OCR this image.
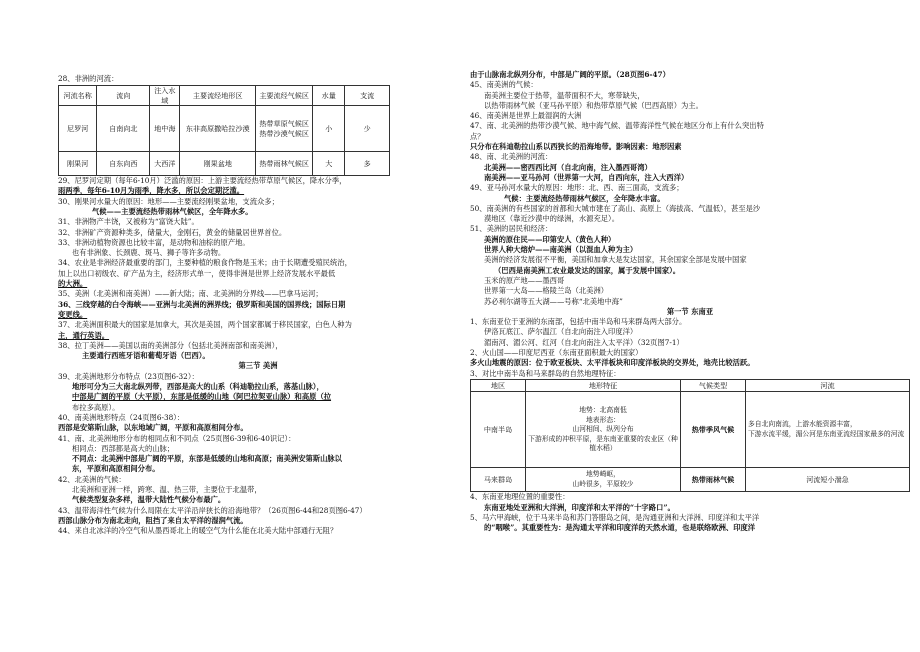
28、非洲的河流：
河流名称	流向	注入水域	主要流经地形区	主要流经气候区	水量	支流
尼罗河	自南向北	地中海	东非高原撒哈拉沙漠	热带草原气候区热带沙漠气候区	小	少
刚果河	自东向西	大西洋	刚果盆地	热带雨林气候区	大	多
29、尼罗河定期（每年6-10月）泛滥的原因：上游主要流经热带草原气候区，降水分季，
雨两季，每年6-10月为雨季，降水多，所以会定期泛滥。
30、刚果河水量大的原因：地形——主要流经刚果盆地，支流众多；
气候——主要流经热带雨林气候区，全年降水多。
31、非洲物产丰饶，又被称为“富饶大陆”。
32、非洲矿产资源种类多，储量大，金刚石，黄金的储量居世界首位。
33、非洲动植物资源也比较丰富，是动物和油棕的原产地。
也有非洲象、长颈鹿、斑马、狮子等许多动物。
34、农业是非洲经济最重要的部门，主要种植的粮食作物是玉米；由于长期遭受殖民统治，
加上以出口初级农、矿产品为主，经济形式单一，使得非洲是世界上经济发展水平最低
的大洲。
35、美洲（北美洲和南美洲）——新大陆；南、北美洲的分界线——巴拿马运河；
36、三线穿越的白令海峡——亚洲与北美洲的洲界线；俄罗斯和美国的国界线；国际日期
变更线。
37、北美洲面积最大的国家是加拿大，其次是美国，两个国家都属于移民国家，白色人种为
主，通行英语。
38、拉丁美洲——美国以南的美洲部分（包括北美洲南部和南美洲），
主要通行西班牙语和葡萄牙语（巴西）。
第三节 美洲
39、北美洲地形分布特点（23页图6-32）：
地形可分为三大南北纵列带，西部是高大的山系（科迪勒拉山系，落基山脉），
中部是广阔的平原（大平原），东部是低缓的山地（阿巴拉契亚山脉）和高原（拉
布拉多高原）。
40、南美洲地形特点（24页图6-38）：
西部是安第斯山脉，以东地域广阔，平原和高原相间分布。
41、南、北美洲地形分布的相同点和不同点（25页图6-39和6-40识记）：
相同点：西部都是高大的山脉；
不同点：北美洲中部是广阔的平原，东部是低缓的山地和高原；南美洲安第斯山脉以
东，平原和高原相间分布。
42、北美洲的气候：
北美洲和亚洲一样，跨寒、温、热三带，主要位于北温带，
气候类型复杂多样，温带大陆性气候分布最广。
43、温带海洋性气候为什么局限在太平洋沿岸狭长的沿海地带？（26页图6-44和28页图6-47）
西部山脉分布为南北走向，阻挡了来自太平洋的湿润气流。
44、来自北冰洋的冷空气和从墨西哥北上的暖空气为什么能在北美大陆中部通行无阻？
由于山脉南北纵列分布，中部是广阔的平原。（28页图6-47）
45、南美洲的气候：
南美洲主要位于热带，温带面积不大，寒带缺失，
以热带雨林气候（亚马孙平原）和热带草原气候（巴西高原）为主。
46、南美洲是世界上最湿润的大洲
47、南、北美洲的热带沙漠气候、地中海气候、温带海洋性气候在地区分布上有什么突出特
点？
只分布在科迪勒拉山系以西狭长的沿海地带。影响因素：地形因素
48、南、北美洲的河流：
北美洲——密西西比河（自北向南，注入墨西哥湾）
南美洲——亚马孙河（世界第一大河，自西向东，注入大西洋）
49、亚马孙河水量大的原因：地形：北、西、南三面高，支流多；
气候：主要流经热带雨林气候区，全年降水丰富。
50、南美洲的有些国家的首都和大城市建在了高山、高原上（海拔高、气温低），甚至是沙
漠地区（靠近沙漠中的绿洲，水源充足）。
51、美洲的居民和经济：
美洲的原住民——印第安人（黄色人种）
世界人种大熔炉——南美洲（以混血人种为主）
美洲的经济发展很不平衡，美国和加拿大是发达国家，其余国家全部是发展中国家
（巴西是南美洲工农业最发达的国家，属于发展中国家）。
玉米的原产地——墨西哥
世界第一大岛——格陵兰岛（北美洲）
苏必利尔湖等五大湖——号称“北美地中海”
第一节 东南亚
1、东南亚位于亚洲的东南部，包括中南半岛和马来群岛两大部分。
伊洛瓦底江、萨尔温江（自北向南注入印度洋）
湄南河、湄公河、红河（自北向南注入太平洋）（32页图7-1）
2、火山国——印度尼西亚（东南亚面积最大的国家）
多火山地震的原因：位于欧亚板块、太平洋板块和印度洋板块的交界处，地壳比较活跃。
3、对比中南半岛和马来群岛的自然地理特征：
地区	地形特征	气候类型	河流
中南半岛	地势：北高南低
地表形态：
山河相间、纵列分布
下游形成的冲积平原，是东南亚重要的农业区（种植水稻）	热带季风气候	多自北向南流，上游水能资源丰富，
下游水流平缓，湄公河是东南亚流经国家最多的河流
马来群岛	地势崎岖，
山岭很多，平原较少	热带雨林气候	河流短小湍急
4、东南亚地理位置的重要性：
东南亚地处亚洲和大洋洲，印度洋和太平洋的“十字路口”。
5、马六甲海峡，位于马来半岛和苏门答腊岛之间，是沟通亚洲和大洋洲、印度洋和太平洋
的“咽喉”。其重要性为：是沟通太平洋和印度洋的天然水道，也是联络欧洲、印度洋
